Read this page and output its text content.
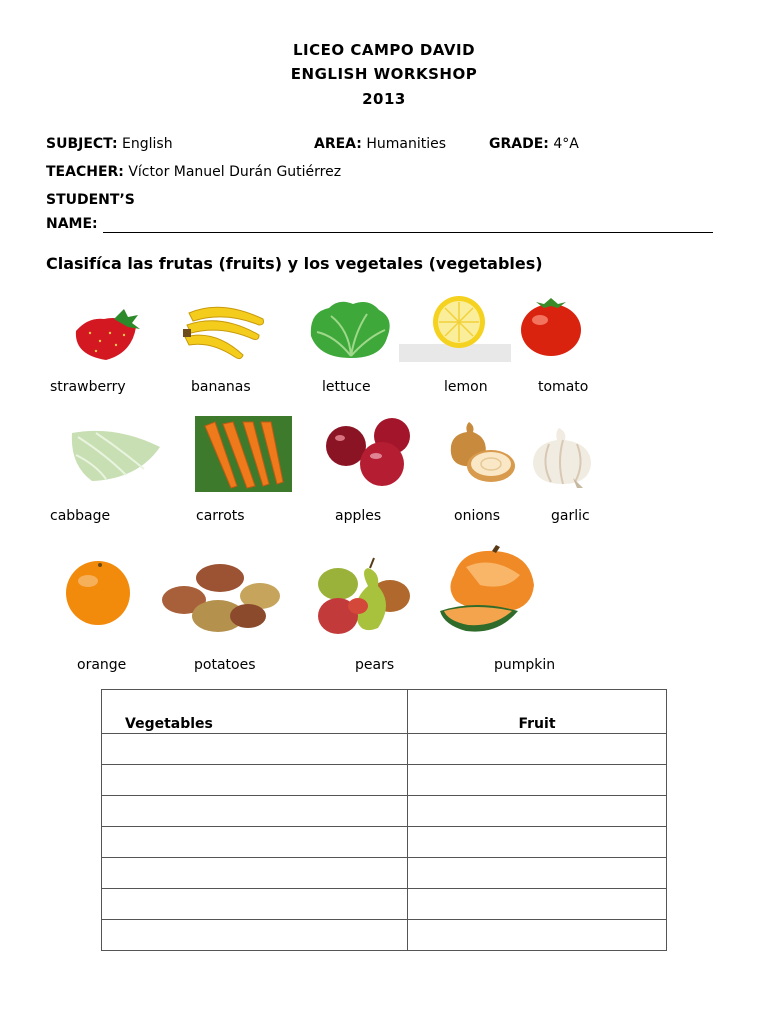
LICEO CAMPO DAVID
ENGLISH WORKSHOP
2013
SUBJECT: English	AREA: Humanities	GRADE: 4°A
TEACHER: Víctor Manuel Durán Gutiérrez
STUDENT’S
NAME:
Clasifíca las frutas (fruits) y los vegetales (vegetables)
strawberry	bananas	lettuce	lemon	tomato
cabbage	carrots	apples	onions	garlic
orange	potatoes	pears	pumpkin
Vegetables	Fruit
